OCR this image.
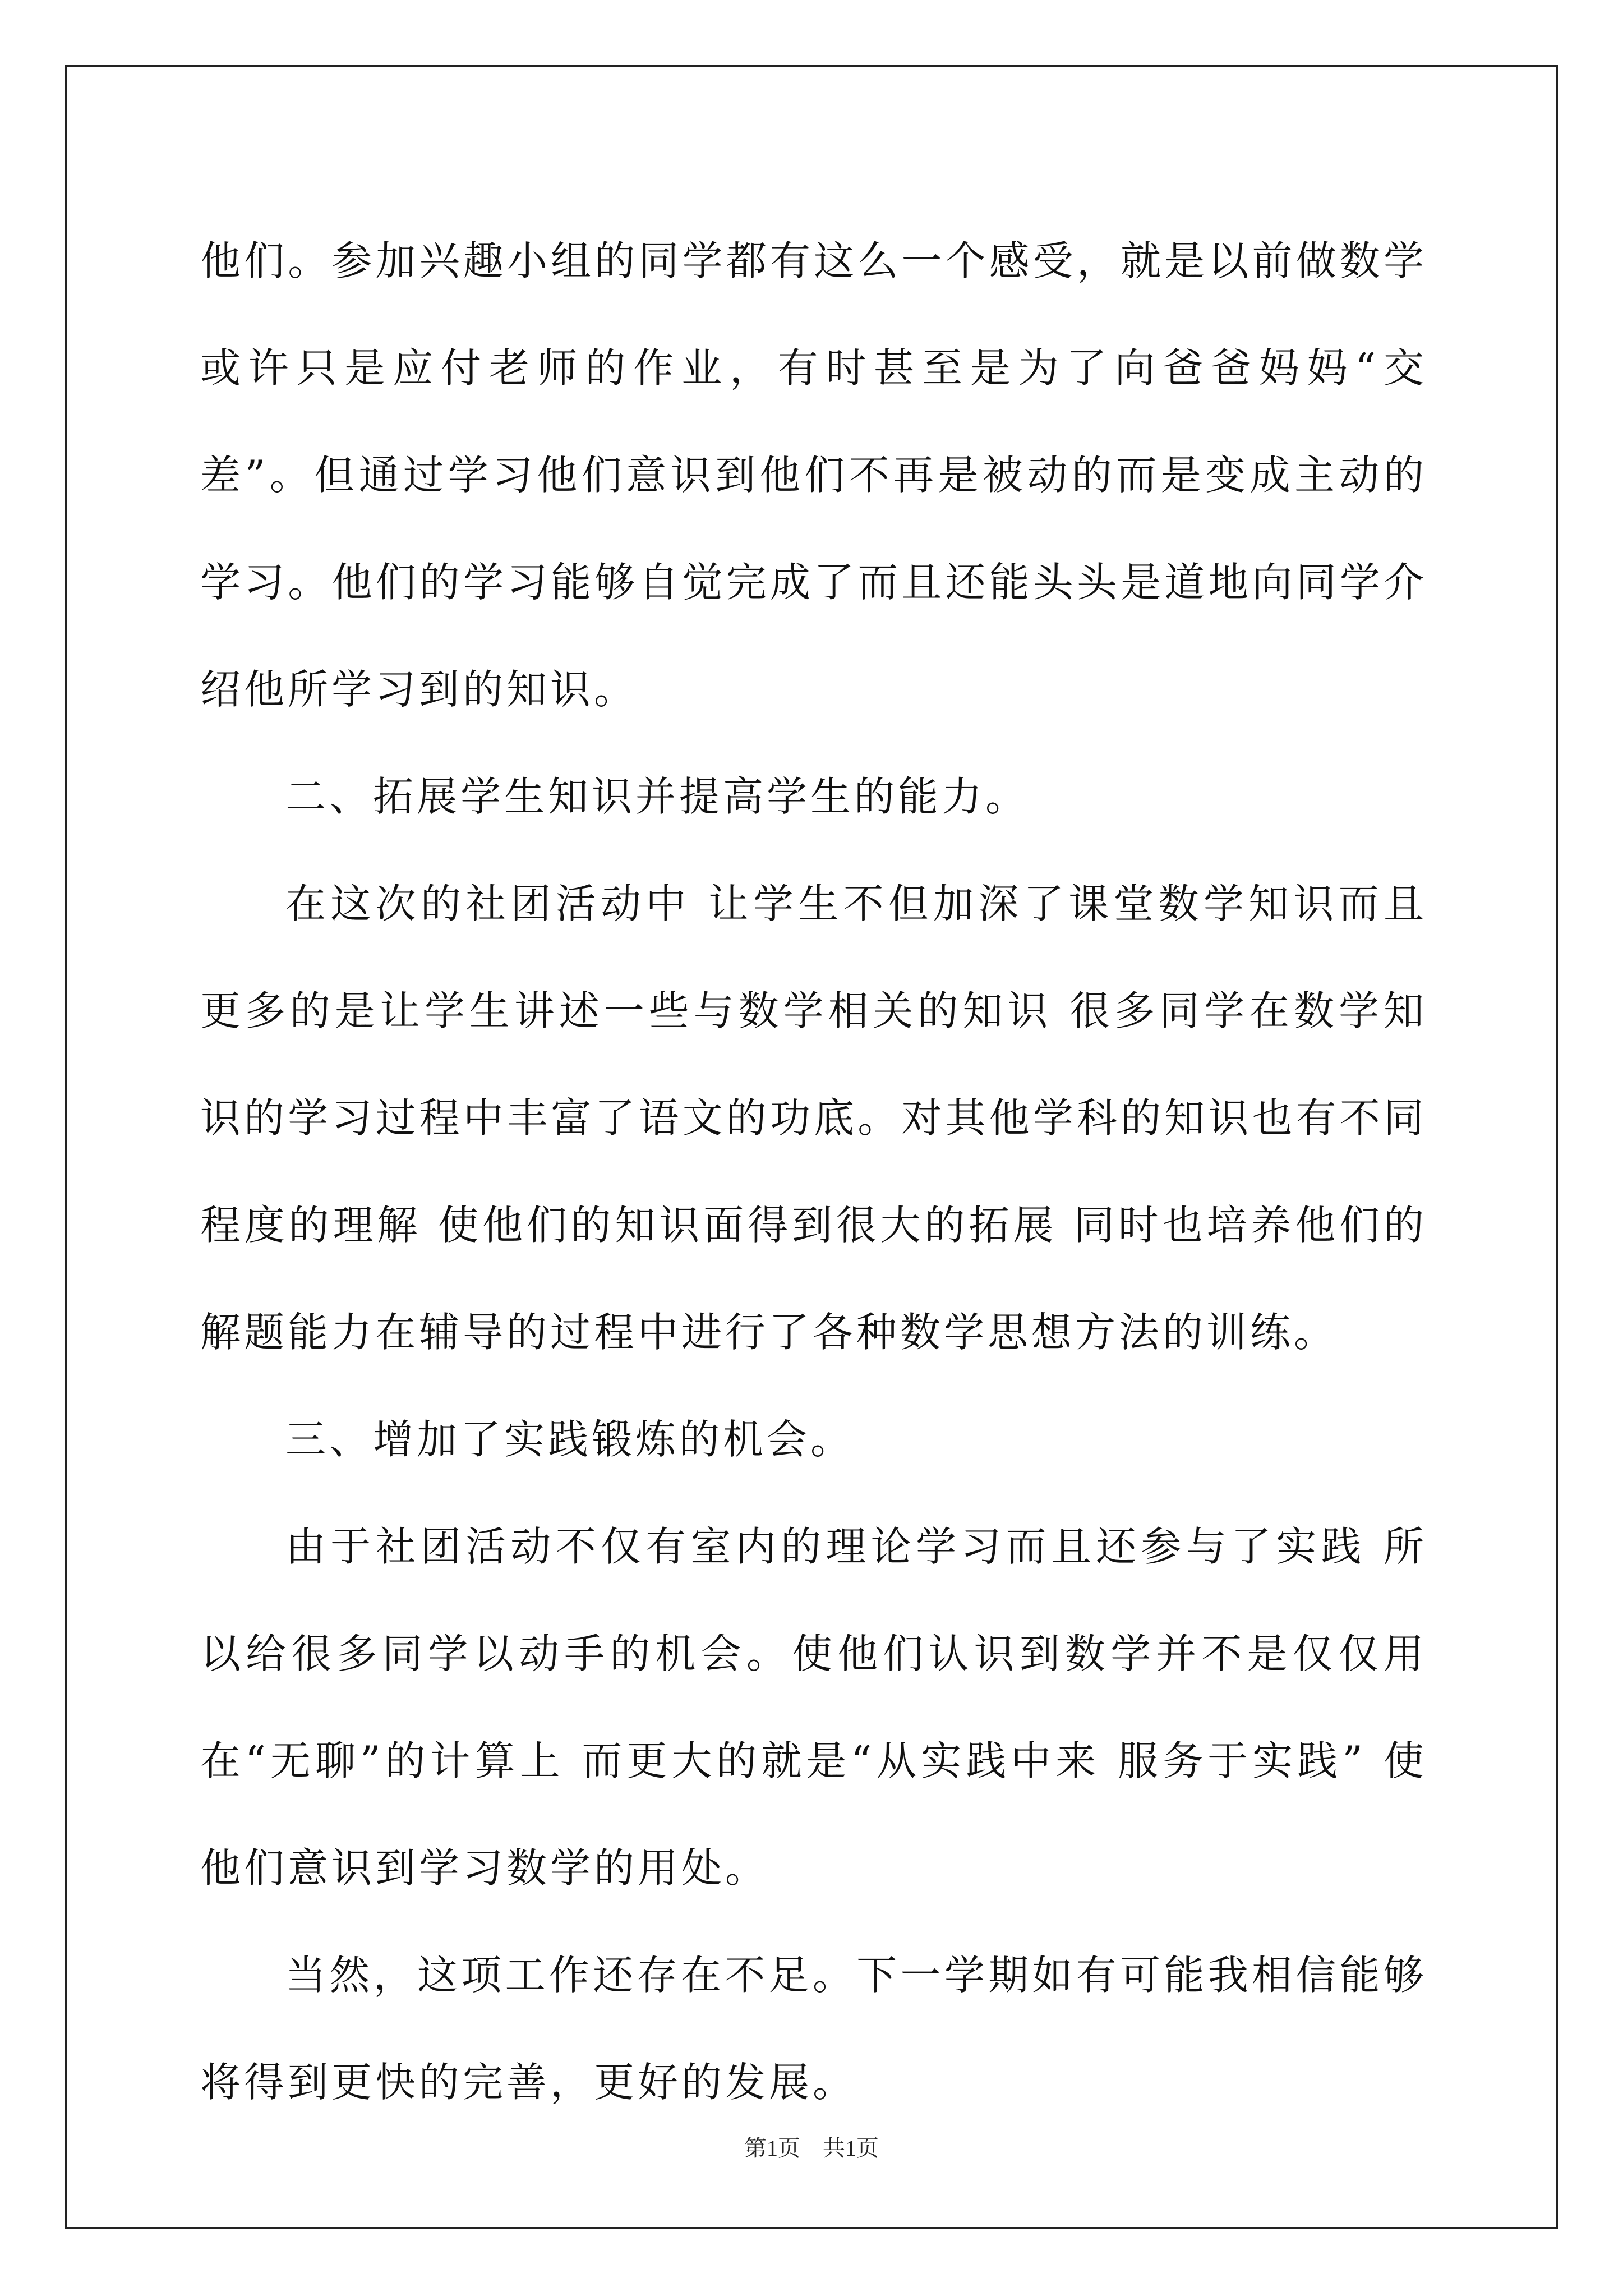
他们。参加兴趣小组的同学都有这么一个感受，就是以前做数学或许只是应付老师的作业，有时甚至是为了向爸爸妈妈“交差”。但通过学习他们意识到他们不再是被动的而是变成主动的学习。他们的学习能够自觉完成了而且还能头头是道地向同学介绍他所学习到的知识。

二、拓展学生知识并提高学生的能力。

在这次的社团活动中 让学生不但加深了课堂数学知识而且更多的是让学生讲述一些与数学相关的知识 很多同学在数学知识的学习过程中丰富了语文的功底。对其他学科的知识也有不同程度的理解 使他们的知识面得到很大的拓展 同时也培养他们的解题能力在辅导的过程中进行了各种数学思想方法的训练。

三、增加了实践锻炼的机会。

由于社团活动不仅有室内的理论学习而且还参与了实践 所以给很多同学以动手的机会。使他们认识到数学并不是仅仅用在“无聊”的计算上 而更大的就是“从实践中来 服务于实践” 使他们意识到学习数学的用处。

当然，这项工作还存在不足。下一学期如有可能我相信能够将得到更快的完善，更好的发展。

第1页　共1页
